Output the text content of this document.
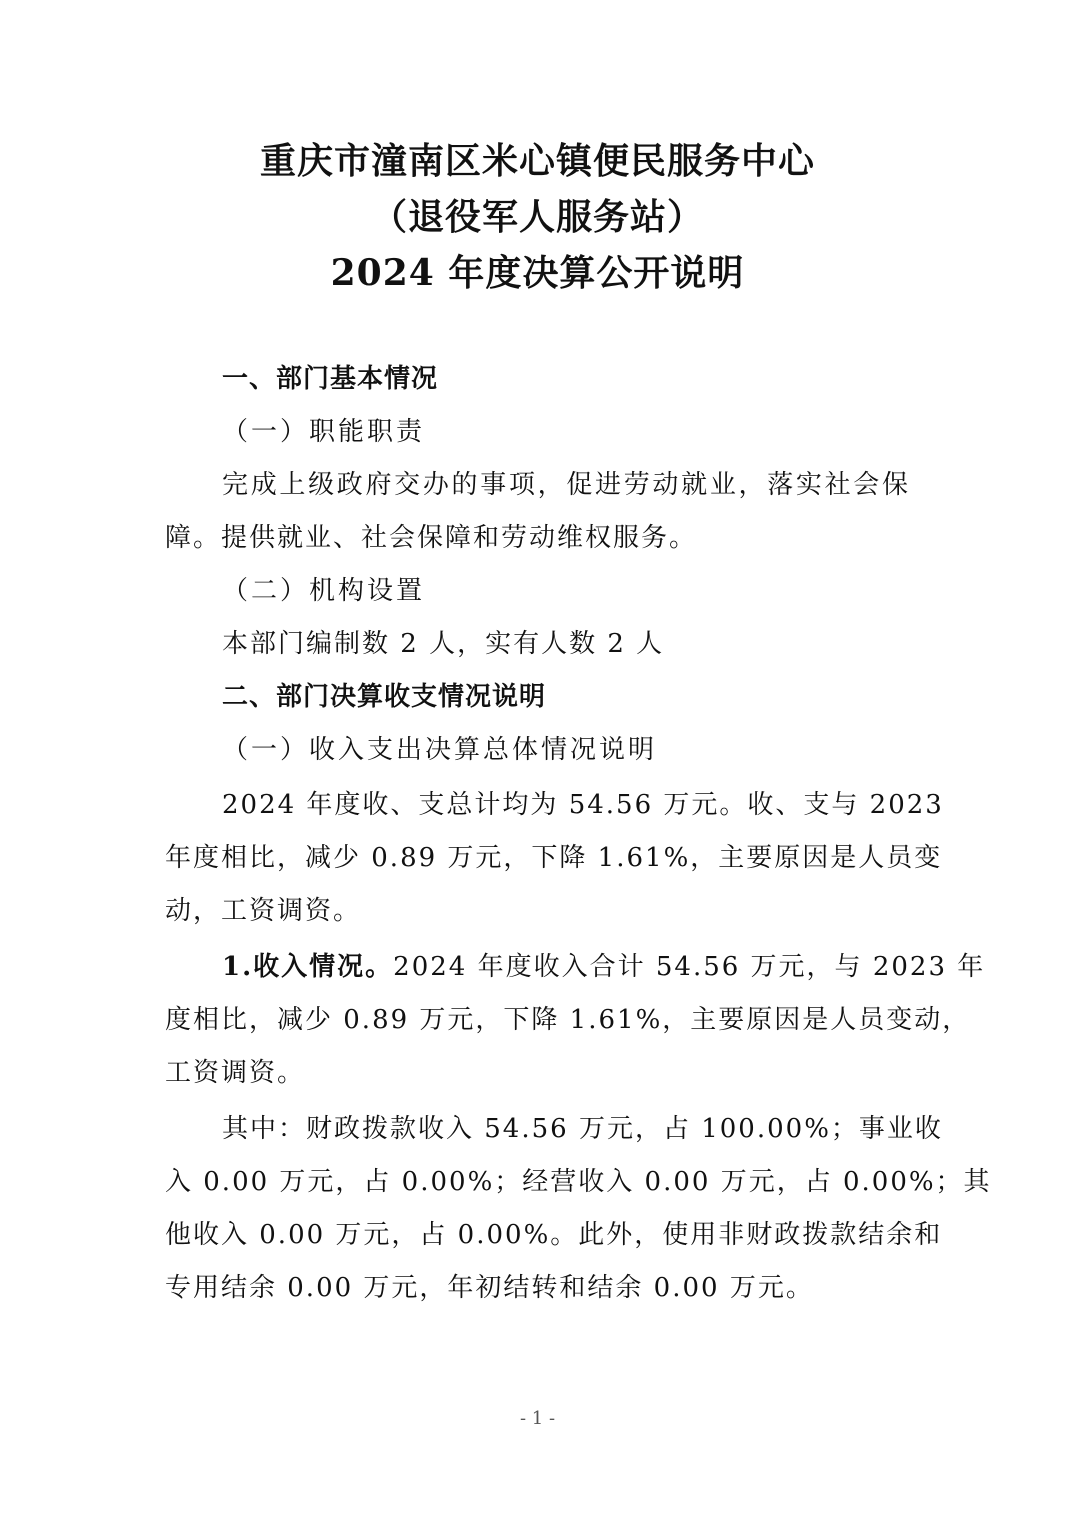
重庆市潼南区米心镇便民服务中心
（退役军人服务站）
2024 年度决算公开说明
一、部门基本情况
（一）职能职责
完成上级政府交办的事项，促进劳动就业，落实社会保
障。提供就业、社会保障和劳动维权服务。
（二）机构设置
本部门编制数 2 人，实有人数 2 人
二、部门决算收支情况说明
（一）收入支出决算总体情况说明
2024 年度收、支总计均为 54.56 万元。收、支与 2023
年度相比，减少 0.89 万元，下降 1.61%，主要原因是人员变
动，工资调资。
1.收入情况。2024 年度收入合计 54.56 万元，与 2023 年
度相比，减少 0.89 万元，下降 1.61%，主要原因是人员变动，
工资调资。
其中：财政拨款收入 54.56 万元，占 100.00%；事业收
入 0.00 万元，占 0.00%；经营收入 0.00 万元，占 0.00%；其
他收入 0.00 万元，占 0.00%。此外，使用非财政拨款结余和
专用结余 0.00 万元，年初结转和结余 0.00 万元。
- 1 -
